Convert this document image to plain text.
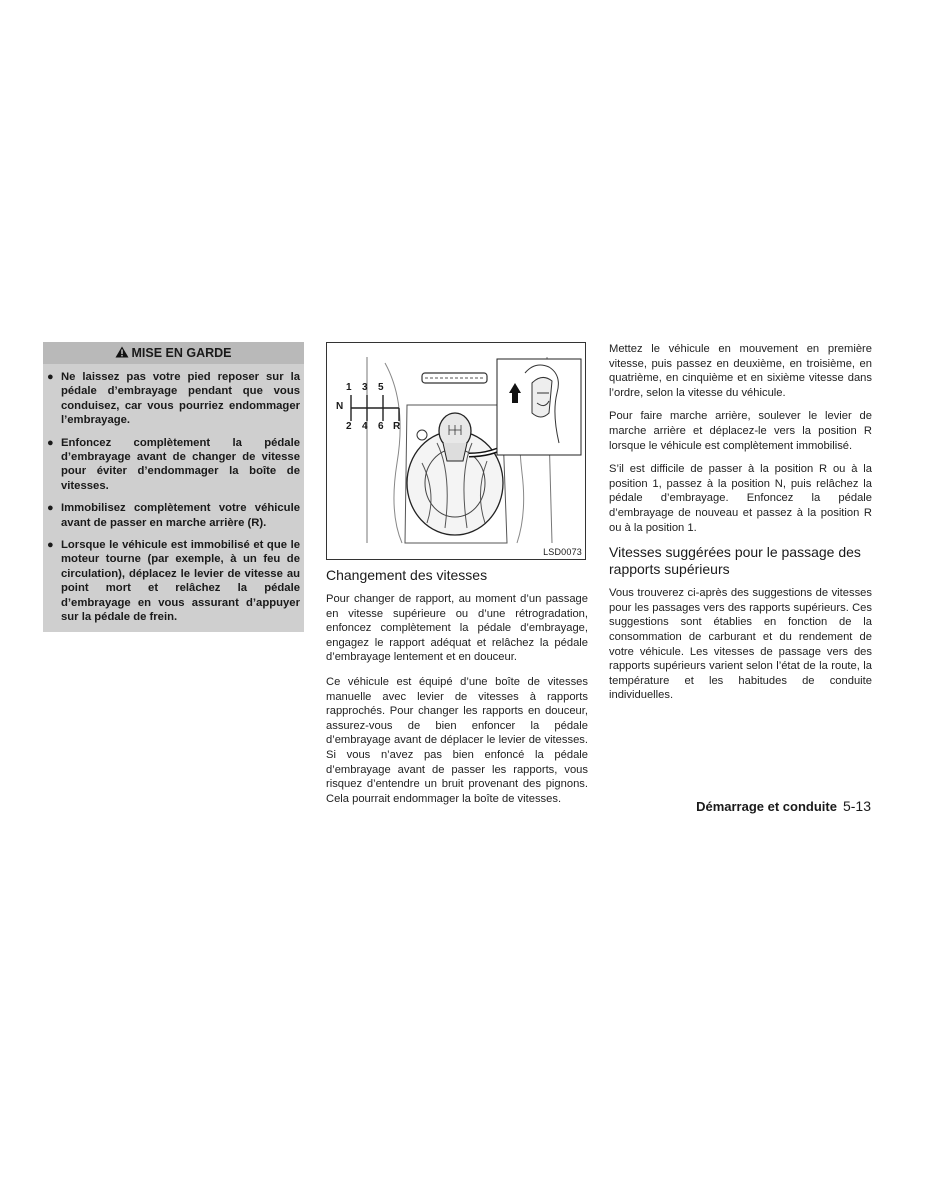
MISE EN GARDE
● Ne laissez pas votre pied reposer sur la pédale d’embrayage pendant que vous conduisez, car vous pourriez endommager l’embrayage.
● Enfoncez complètement la pédale d’embrayage avant de changer de vitesse pour éviter d’endommager la boîte de vitesses.
● Immobilisez complètement votre véhicule avant de passer en marche arrière (R).
● Lorsque le véhicule est immobilisé et que le moteur tourne (par exemple, à un feu de circulation), déplacez le levier de vitesse au point mort et relâchez la pédale d’embrayage en vous assurant d’appuyer sur la pédale de frein.
1 3 5
N
2 4 6 R
LSD0073
Changement des vitesses

Pour changer de rapport, au moment d’un passage en vitesse supérieure ou d’une rétrogradation, enfoncez complètement la pédale d’embrayage, engagez le rapport adéquat et relâchez la pédale d’embrayage lentement et en douceur.

Ce véhicule est équipé d’une boîte de vitesses manuelle avec levier de vitesses à rapports rapprochés. Pour changer les rapports en douceur, assurez-vous de bien enfoncer la pédale d’embrayage avant de déplacer le levier de vitesses. Si vous n’avez pas bien enfoncé la pédale d’embrayage avant de passer les rapports, vous risquez d’entendre un bruit provenant des pignons. Cela pourrait endommager la boîte de vitesses.

Mettez le véhicule en mouvement en première vitesse, puis passez en deuxième, en troisième, en quatrième, en cinquième et en sixième vitesse dans l’ordre, selon la vitesse du véhicule.

Pour faire marche arrière, soulever le levier de marche arrière et déplacez-le vers la position R lorsque le véhicule est complètement immobilisé.

S’il est difficile de passer à la position R ou à la position 1, passez à la position N, puis relâchez la pédale d’embrayage. Enfoncez la pédale d’embrayage de nouveau et passez à la position R ou à la position 1.

Vitesses suggérées pour le passage des rapports supérieurs

Vous trouverez ci-après des suggestions de vitesses pour les passages vers des rapports supérieurs. Ces suggestions sont établies en fonction de la consommation de carburant et du rendement de votre véhicule. Les vitesses de passage vers des rapports supérieurs varient selon l’état de la route, la température et les habitudes de conduite individuelles.

Démarrage et conduite 5-13
